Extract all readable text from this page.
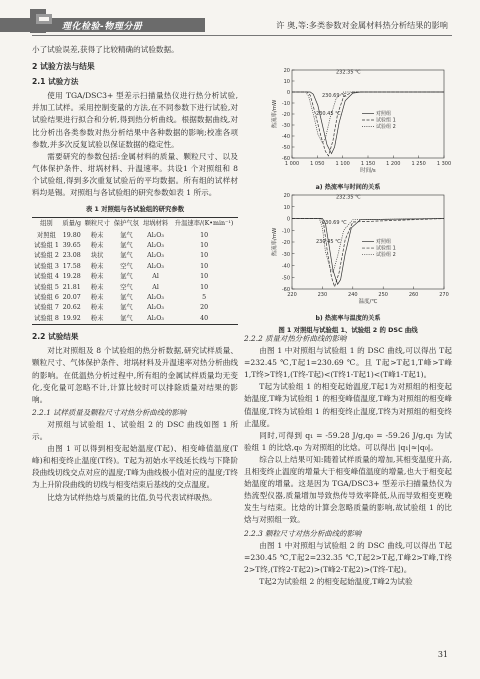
理化检验-物理分册	许 奥,等:多类参数对金属材料热分析结果的影响
小了试验误差,获得了比较精确的试验数据。
2 试验方法与结果
2.1 试验方法
使用 TGA/DSC3+ 型差示扫描量热仪进行热分析试验,并加工试样。采用控制变量的方法,在不同参数下进行试验,对试验结果进行拟合和分析,得到热分析曲线。根据数据曲线,对比分析出各类参数对热分析结果中各种数据的影响;校准各项参数,并多次反复试验以保证数据的稳定性。
需要研究的参数包括:金属材料的质量、颗粒尺寸、以及气体保护条件、坩埚材料、升温速率。共设1 个对照组和 8 个试验组,得到多次重复试验后的平均数据。所有组的试样材料均是锡。对照组与各试验组的研究参数如表 1 所示。
表 1 对照组与各试验组的研究参数
组别	质量/g	颗粒尺寸	保护气氛	坩埚材料	升温速率/(K•min⁻¹)

对照组	19.80	粉末	氩气	Al₂O₃	10
试验组 1	39.65	粉末	氩气	Al₂O₃	10
试验组 2	23.08	块状	氩气	Al₂O₃	10
试验组 3	17.58	粉末	空气	Al₂O₃	10
试验组 4	19.28	粉末	氩气	Al	10
试验组 5	21.81	粉末	空气	Al	10
试验组 6	20.07	粉末	氩气	Al₂O₃	5
试验组 7	20.62	粉末	氩气	Al₂O₃	20
试验组 8	19.92	粉末	氩气	Al₂O₃	40
2.2 试验结果
对比对照组及 8 个试验组的热分析数据,研究试样质量、颗粒尺寸、气体保护条件、坩埚材料及升温速率对热分析曲线的影响。在低温热分析过程中,所有组的金属试样质量均无变化,变化量可忽略不计,计算比较时可以排除质量对结果的影响。
2.2.1 试样质量及颗粒尺寸对热分析曲线的影响
对照组与试验组 1、试验组 2 的 DSC 曲线如图 1 所示。
由图 1 可以得到相变起始温度(T起)、相变峰值温度(T峰)和相变终止温度(T终)。T起为初始水平线延长线与下降阶段曲线切线交点对应的温度;T峰为曲线极小值对应的温度;T终为上升阶段曲线的切线与相变结束后基线的交点温度。
比焓为试样热焓与质量的比值,负号代表试样吸热。
20
10
0
-10
-20
-30
-40
-50
-60
1 000 1 050 1 100 1 150 1 200 1 250 1 300
时间/s
热流率/mW
232.35 ℃
230.69 ℃
230.45 ℃	对照组
试验组 1
试验组 2
a) 热流率与时间的关系
20
10
0
-10
-20
-30
-40
-50
-60
220	230	240	250	260	270
温度/℃
热流率/mW
232.35 ℃
230.69 ℃
230.45 ℃	对照组
试验组 1
试验组 2
b) 热流率与温度的关系
图 1 对照组与试验组 1、试验组 2 的 DSC 曲线
2.2.2 质量对热分析曲线的影响
由图 1 中对照组与试验组 1 的 DSC 曲线,可以得出 T起=232.45 ℃,T起1=230.69 ℃。且 T起>T起1,T峰>T峰1,T终>T终1,(T终-T起)<(T终1-T起1)<(T峰1-T起1)。
T起为试验组 1 的相变起始温度,T起1为对照组的相变起始温度,T峰为试验组 1 的相变峰值温度,T峰为对照组的相变峰值温度,T终为试验组 1 的相变终止温度,T终为对照组的相变终止温度。
同时,可得到 q₁ = -59.28 J/g,q₀ = -59.26 J/g,q₁ 为试验组 1 的比焓,q₀ 为对照组的比焓。可以得出 |q₁|≈|q₀|。
综合以上结果可知:随着试样质量的增加,其相变温度升高,且相变终止温度的增量大于相变峰值温度的增量,也大于相变起始温度的增量。这是因为 TGA/DSC3+ 型差示扫描量热仪为热流型仪器,质量增加导致热传导效率降低,从而导致相变更晚发生与结束。比焓的计算会忽略质量的影响,故试验组 1 的比焓与对照组一致。
2.2.3 颗粒尺寸对热分析曲线的影响
由图 1 中对照组与试验组 2 的 DSC 曲线,可以得出 T起=230.45 ℃,T起2=232.35 ℃,T起2>T起,T峰2>T峰,T终2>T终,(T终2-T起2)>(T峰2-T起2)>(T终-T起)。
T起2为试验组 2 的相变起始温度,T峰2为试验
31
